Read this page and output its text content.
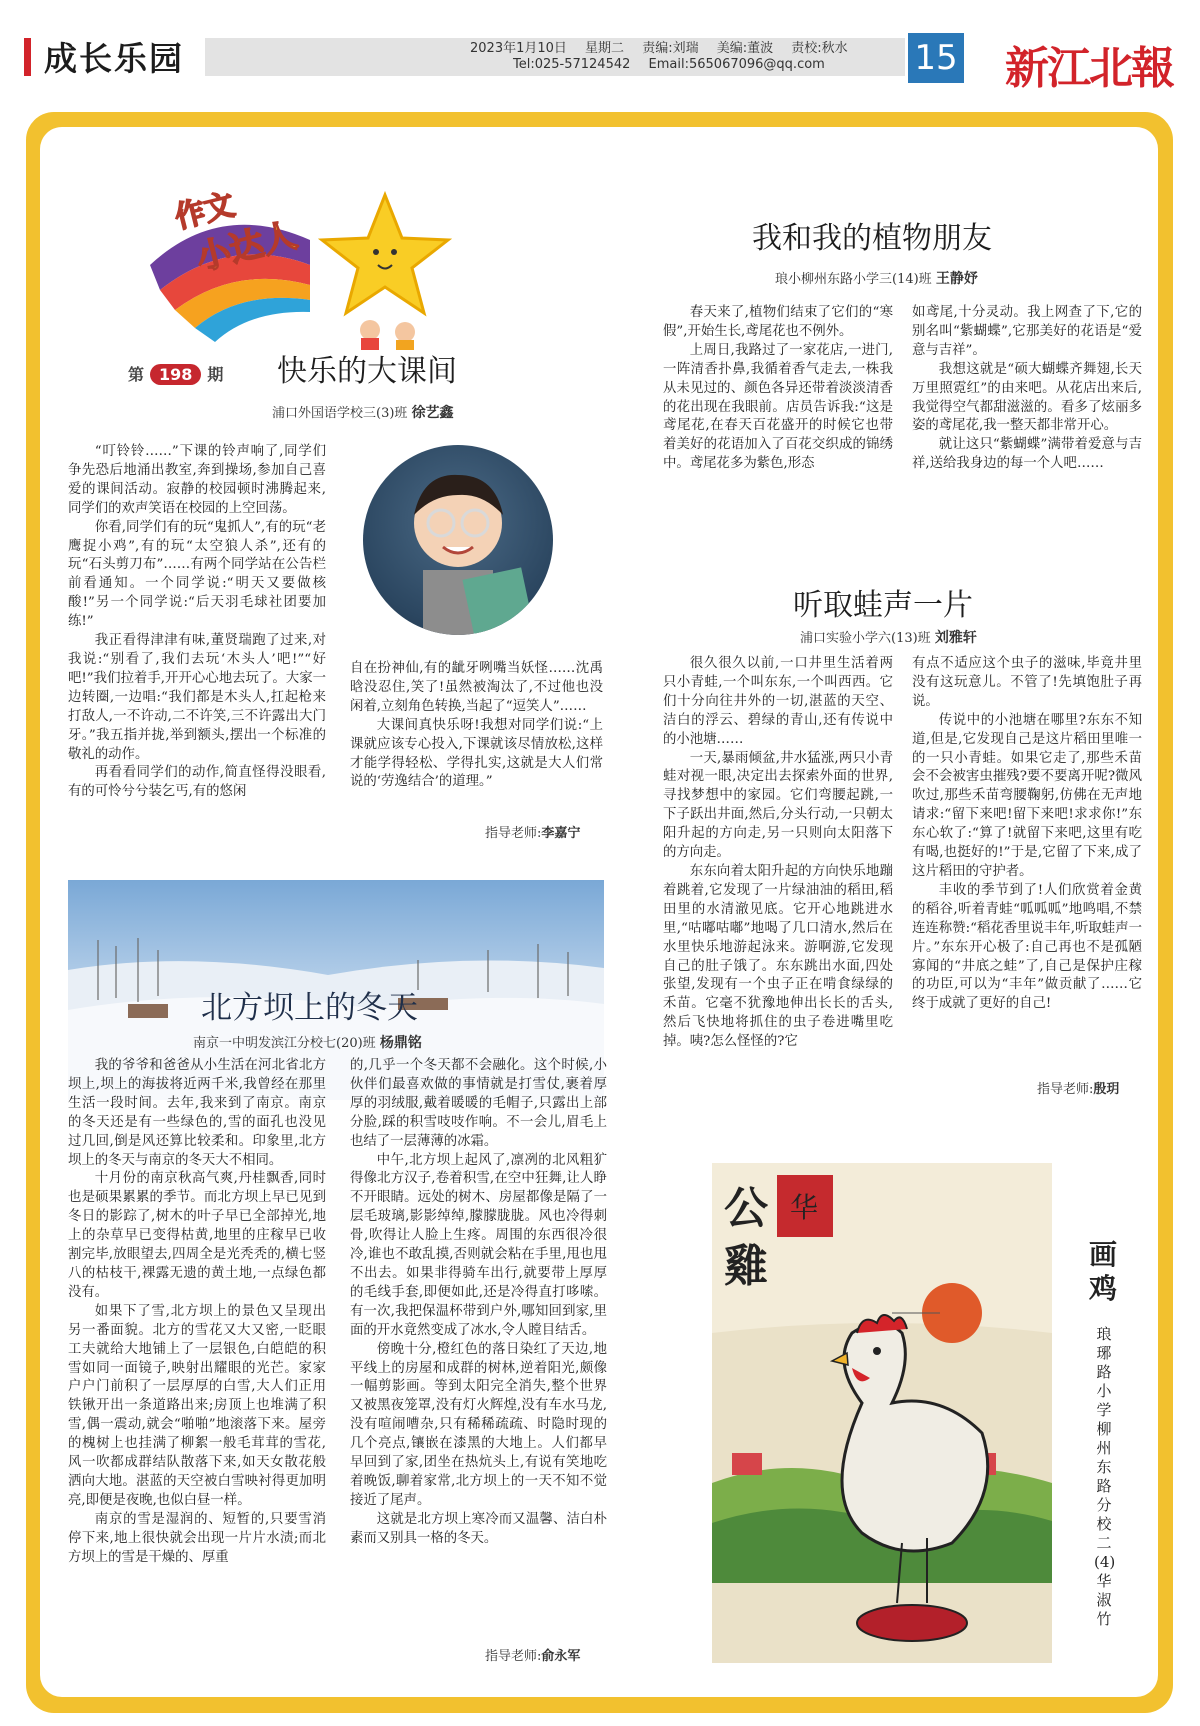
成长乐园	2023年1月10日 星期二 责编:刘瑞 美编:董波 责校:秋水
Tel:025-57124542 Email:565067096@qq.com	15 新江北報
作文
小达人
第 198 期 快乐的大课间
浦口外国语学校三(3)班 徐艺鑫

“叮铃铃……”下课的铃声响了,同学们争先恐后地涌出教室,奔到操场,参加自己喜爱的课间活动。寂静的校园顿时沸腾起来,同学们的欢声笑语在校园的上空回荡。

你看,同学们有的玩“鬼抓人”,有的玩“老鹰捉小鸡”,有的玩“太空狼人杀”,还有的玩“石头剪刀布”……有两个同学站在公告栏前看通知。一个同学说:“明天又要做核酸!”另一个同学说:“后天羽毛球社团要加练!”

我正看得津津有味,董贤瑞跑了过来,对我说:“别看了,我们去玩‘木头人’吧!”“好吧!”我们拉着手,开开心心地去玩了。大家一边转圈,一边唱:“我们都是木头人,扛起枪来打敌人,一不许动,二不许笑,三不许露出大门牙。”我五指并拢,举到额头,摆出一个标准的敬礼的动作。

再看看同学们的动作,简直怪得没眼看,有的可怜兮兮装乞丐,有的悠闲

自在扮神仙,有的龇牙咧嘴当妖怪……沈禹晗没忍住,笑了!虽然被淘汰了,不过他也没闲着,立刻角色转换,当起了“逗笑人”……

大课间真快乐呀!我想对同学们说:“上课就应该专心投入,下课就该尽情放松,这样才能学得轻松、学得扎实,这就是大人们常说的‘劳逸结合’的道理。”

指导老师:李嘉宁
北方坝上的冬天
南京一中明发滨江分校七(20)班 杨鼎铭

我的爷爷和爸爸从小生活在河北省北方坝上,坝上的海拔将近两千米,我曾经在那里生活一段时间。去年,我来到了南京。南京的冬天还是有一些绿色的,雪的面孔也没见过几回,倒是风还算比较柔和。印象里,北方坝上的冬天与南京的冬天大不相同。

十月份的南京秋高气爽,丹桂飘香,同时也是硕果累累的季节。而北方坝上早已见到冬日的影踪了,树木的叶子早已全部掉光,地上的杂草早已变得枯黄,地里的庄稼早已收割完毕,放眼望去,四周全是光秃秃的,横七竖八的枯枝干,裸露无遗的黄土地,一点绿色都没有。

如果下了雪,北方坝上的景色又呈现出另一番面貌。北方的雪花又大又密,一眨眼工夫就给大地铺上了一层银色,白皑皑的积雪如同一面镜子,映射出耀眼的光芒。家家户户门前积了一层厚厚的白雪,大人们正用铁锹开出一条道路出来;房顶上也堆满了积雪,偶一震动,就会“啪啪”地滚落下来。屋旁的槐树上也挂满了柳絮一般毛茸茸的雪花,风一吹都成群结队散落下来,如天女散花般洒向大地。湛蓝的天空被白雪映衬得更加明亮,即便是夜晚,也似白昼一样。

南京的雪是湿润的、短暂的,只要雪消停下来,地上很快就会出现一片片水渍;而北方坝上的雪是干燥的、厚重

的,几乎一个冬天都不会融化。这个时候,小伙伴们最喜欢做的事情就是打雪仗,裹着厚厚的羽绒服,戴着暖暖的毛帽子,只露出上部分脸,踩的积雪吱吱作响。不一会儿,眉毛上也结了一层薄薄的冰霜。

中午,北方坝上起风了,凛冽的北风粗犷得像北方汉子,卷着积雪,在空中狂舞,让人睁不开眼睛。远处的树木、房屋都像是隔了一层毛玻璃,影影绰绰,朦朦胧胧。风也冷得刺骨,吹得让人脸上生疼。周围的东西很冷很冷,谁也不敢乱摸,否则就会粘在手里,甩也甩不出去。如果非得骑车出行,就要带上厚厚的毛线手套,即便如此,还是冷得直打哆嗦。有一次,我把保温杯带到户外,哪知回到家,里面的开水竟然变成了冰水,令人瞠目结舌。

傍晚十分,橙红色的落日染红了天边,地平线上的房屋和成群的树林,逆着阳光,颇像一幅剪影画。等到太阳完全消失,整个世界又被黑夜笼罩,没有灯火辉煌,没有车水马龙,没有喧闹嘈杂,只有稀稀疏疏、时隐时现的几个亮点,镶嵌在漆黑的大地上。人们都早早回到了家,团坐在热炕头上,有说有笑地吃着晚饭,聊着家常,北方坝上的一天不知不觉接近了尾声。

这就是北方坝上寒冷而又温馨、洁白朴素而又别具一格的冬天。

指导老师:俞永军
我和我的植物朋友
琅小柳州东路小学三(14)班 王静妤

春天来了,植物们结束了它们的“寒假”,开始生长,鸢尾花也不例外。

上周日,我路过了一家花店,一进门,一阵清香扑鼻,我循着香气走去,一株我从未见过的、颜色各异还带着淡淡清香的花出现在我眼前。店员告诉我:“这是鸢尾花,在春天百花盛开的时候它也带着美好的花语加入了百花交织成的锦绣中。鸢尾花多为紫色,形态

如鸢尾,十分灵动。我上网查了下,它的别名叫“紫蝴蝶”,它那美好的花语是“爱意与吉祥”。

我想这就是“硕大蝴蝶齐舞翅,长天万里照霓红”的由来吧。从花店出来后,我觉得空气都甜滋滋的。看多了炫丽多姿的鸢尾花,我一整天都非常开心。

就让这只“紫蝴蝶”满带着爱意与吉祥,送给我身边的每一个人吧……

听取蛙声一片
浦口实验小学六(13)班 刘雅轩

很久很久以前,一口井里生活着两只小青蛙,一个叫东东,一个叫西西。它们十分向往井外的一切,湛蓝的天空、洁白的浮云、碧绿的青山,还有传说中的小池塘……

一天,暴雨倾盆,井水猛涨,两只小青蛙对视一眼,决定出去探索外面的世界,寻找梦想中的家园。它们弯腰起跳,一下子跃出井面,然后,分头行动,一只朝太阳升起的方向走,另一只则向太阳落下的方向走。

东东向着太阳升起的方向快乐地蹦着跳着,它发现了一片绿油油的稻田,稻田里的水清澈见底。它开心地跳进水里,“咕嘟咕嘟”地喝了几口清水,然后在水里快乐地游起泳来。游啊游,它发现自己的肚子饿了。东东跳出水面,四处张望,发现有一个虫子正在啃食绿绿的禾苗。它毫不犹豫地伸出长长的舌头,然后飞快地将抓住的虫子卷进嘴里吃掉。咦?怎么怪怪的?它

有点不适应这个虫子的滋味,毕竟井里没有这玩意儿。不管了!先填饱肚子再说。

传说中的小池塘在哪里?东东不知道,但是,它发现自己是这片稻田里唯一的一只小青蛙。如果它走了,那些禾苗会不会被害虫摧残?要不要离开呢?微风吹过,那些禾苗弯腰鞠躬,仿佛在无声地请求:“留下来吧!留下来吧!求求你!”东东心软了:“算了!就留下来吧,这里有吃有喝,也挺好的!”于是,它留了下来,成了这片稻田的守护者。

丰收的季节到了!人们欣赏着金黄的稻谷,听着青蛙“呱呱呱”地鸣唱,不禁连连称赞:“稻花香里说丰年,听取蛙声一片。”东东开心极了:自己再也不是孤陋寡闻的“井底之蛙”了,自己是保护庄稼的功臣,可以为“丰年”做贡献了……它终于成就了更好的自己!

指导老师:殷玥
公雞
华
画鸡
琅琊路小学柳州东路分校二(4)华淑竹
